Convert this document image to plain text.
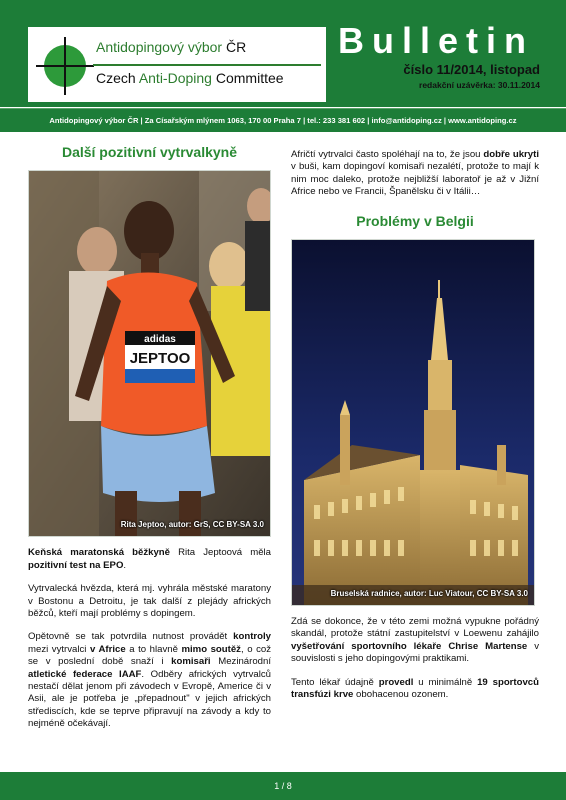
Antidopingový výbor ČR
Czech Anti-Doping Committee
Bulletin
číslo 11/2014, listopad
redakční uzávěrka: 30.11.2014
Antidopingový výbor ČR | Za Císařským mlýnem 1063, 170 00 Praha 7 | tel.: 233 381 602 | info@antidoping.cz | www.antidoping.cz
Další pozitivní vytrvalkyně
adidas
JEPTOO
Rita Jeptoo, autor: GrS, CC BY-SA 3.0

Keňská maratonská běžkyně Rita Jeptoová měla pozitivní test na EPO.

Vytrvalecká hvězda, která mj. vyhrála městské maratony v Bostonu a Detroitu, je tak další z plejády afrických běžců, kteří mají problémy s dopingem.

Opětovně se tak potvrdila nutnost provádět kontroly mezi vytrvalci v Africe a to hlavně mimo soutěž, o což se v poslední době snaží i komisaři Mezinárodní atletické federace IAAF. Odběry afrických vytrvalců nestačí dělat jenom při závodech v Evropě, Americe či v Asii, ale je potřeba je „přepadnout" v jejich afrických střediscích, kde se teprve připravují na závody a kdy to nejméně očekávají.

Afričtí vytrvalci často spoléhají na to, že jsou dobře ukryti v buši, kam dopingoví komisaři nezalétí, protože to mají k nim moc daleko, protože nejbližší laboratoř je až v Jižní Africe nebo ve Francii, Španělsku či v Itálii…

Problémy v Belgii
Bruselská radnice, autor: Luc Viatour, CC BY-SA 3.0

Zdá se dokonce, že v této zemi možná vypukne pořádný skandál, protože státní zastupitelství v Loewenu zahájilo vyšetřování sportovního lékaře Chrise Martense v souvislosti s jeho dopingovými praktikami.

Tento lékař údajně provedl u minimálně 19 sportovců transfúzi krve obohacenou ozonem.

1 / 8
